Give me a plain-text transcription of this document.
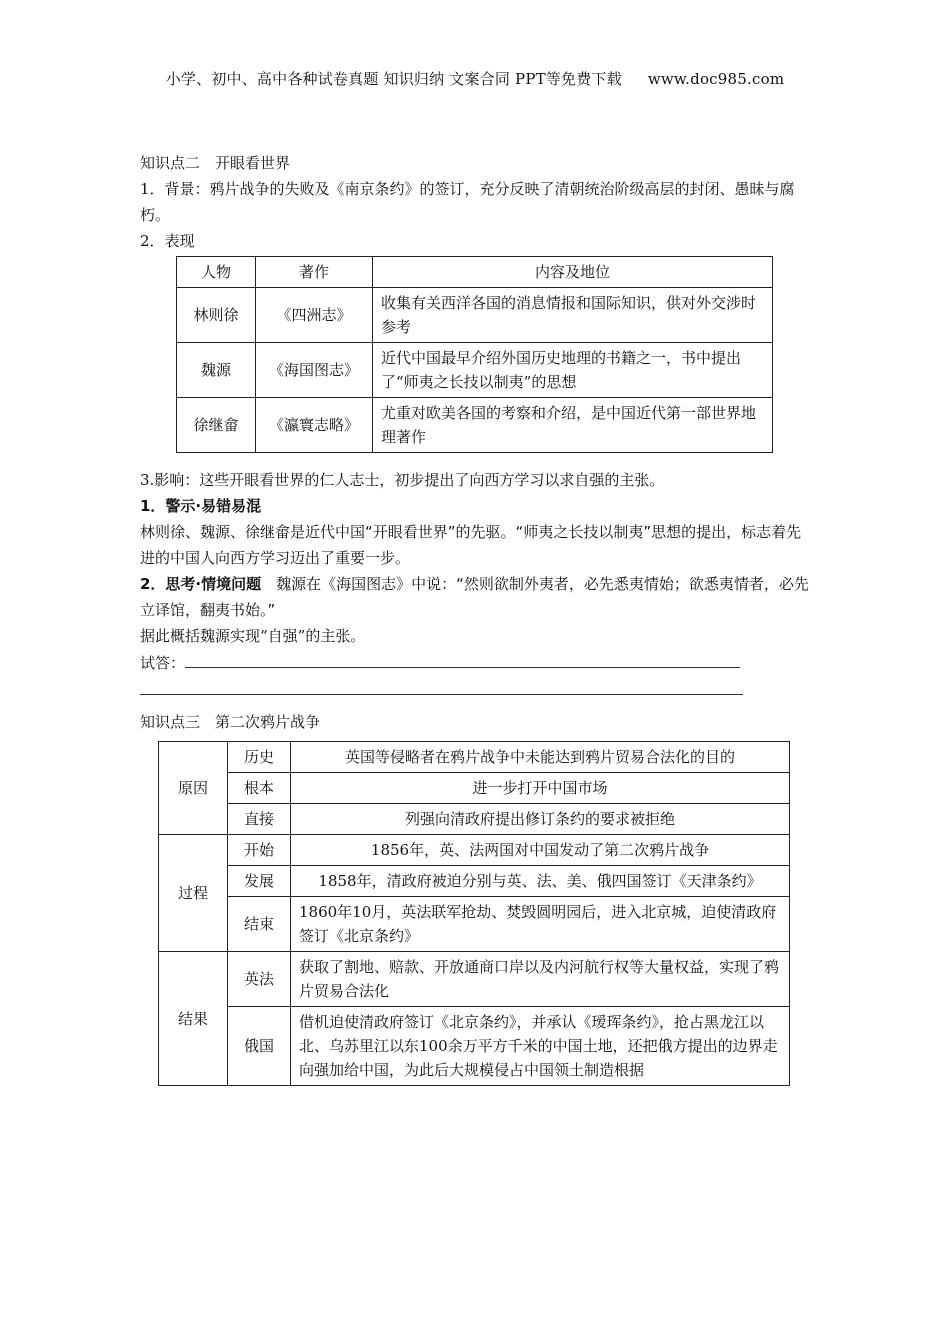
小学、初中、高中各种试卷真题 知识归纳 文案合同 PPT等免费下载 www.doc985.com
知识点二　开眼看世界
1．背景：鸦片战争的失败及《南京条约》的签订，充分反映了清朝统治阶级高层的封闭、愚昧与腐朽。
2．表现
人物	著作	内容及地位
林则徐	《四洲志》	收集有关西洋各国的消息情报和国际知识，供对外交涉时参考
魏源	《海国图志》	近代中国最早介绍外国历史地理的书籍之一，书中提出了“师夷之长技以制夷”的思想
徐继畲	《瀛寰志略》	尤重对欧美各国的考察和介绍，是中国近代第一部世界地理著作
3.影响：这些开眼看世界的仁人志士，初步提出了向西方学习以求自强的主张。
1．警示·易错易混
林则徐、魏源、徐继畲是近代中国“开眼看世界”的先驱。“师夷之长技以制夷”思想的提出，标志着先进的中国人向西方学习迈出了重要一步。
2．思考·情境问题　 魏源在《海国图志》中说：“然则欲制外夷者，必先悉夷情始；欲悉夷情者，必先立译馆，翻夷书始。”
据此概括魏源实现“自强”的主张。
试答：
知识点三　第二次鸦片战争
原因	历史	英国等侵略者在鸦片战争中未能达到鸦片贸易合法化的目的
	根本	进一步打开中国市场
	直接	列强向清政府提出修订条约的要求被拒绝
过程	开始	1856年，英、法两国对中国发动了第二次鸦片战争
	发展	1858年，清政府被迫分别与英、法、美、俄四国签订《天津条约》
	结束	1860年10月，英法联军抢劫、焚毁圆明园后，进入北京城，迫使清政府签订《北京条约》
结果	英法	获取了割地、赔款、开放通商口岸以及内河航行权等大量权益，实现了鸦片贸易合法化
	俄国	借机迫使清政府签订《北京条约》，并承认《瑷珲条约》，抢占黑龙江以北、乌苏里江以东100余万平方千米的中国土地，还把俄方提出的边界走向强加给中国，为此后大规模侵占中国领土制造根据
